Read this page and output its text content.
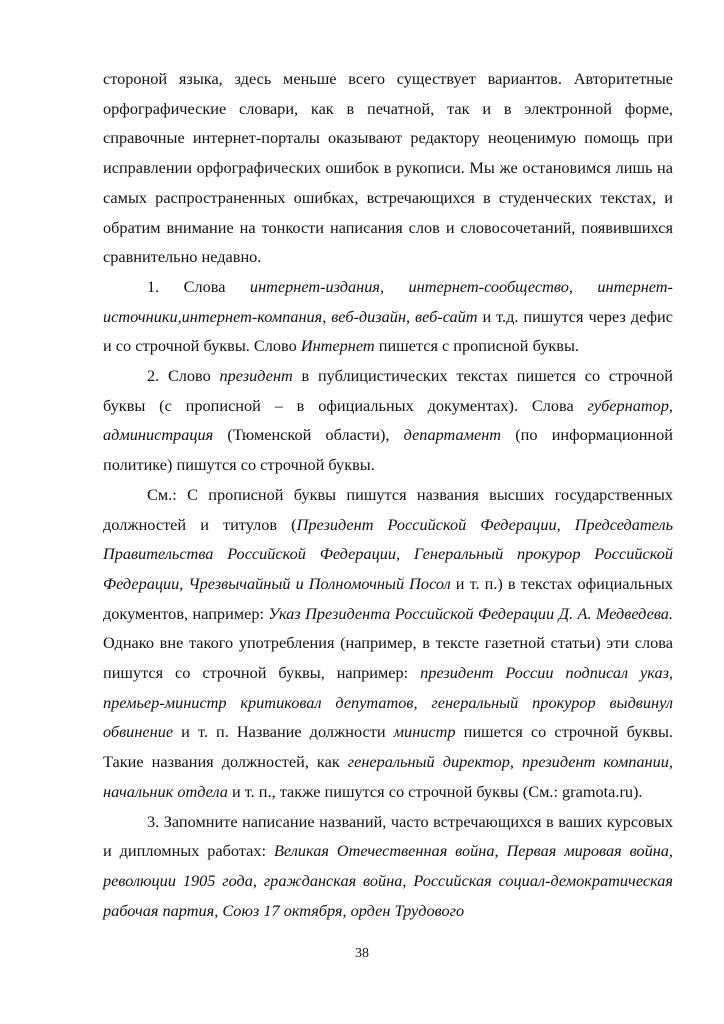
стороной языка, здесь меньше всего существует вариантов. Авторитетные орфографические словари, как в печатной, так и в электронной форме, справочные интернет-порталы оказывают редактору неоценимую помощь при исправлении орфографических ошибок в рукописи. Мы же остановимся лишь на самых распространенных ошибках, встречающихся в студенческих текстах, и обратим внимание на тонкости написания слов и словосочетаний, появившихся сравнительно недавно.

1. Слова интернет-издания, интернет-сообщество, интернет-источники,интернет-компания, веб-дизайн, веб-сайт и т.д. пишутся через дефис и со строчной буквы. Слово Интернет пишется с прописной буквы.

2. Слово президент в публицистических текстах пишется со строчной буквы (с прописной – в официальных документах). Слова губернатор, администрация (Тюменской области), департамент (по информационной политике) пишутся со строчной буквы.

См.: С прописной буквы пишутся названия высших государственных должностей и титулов (Президент Российской Федерации, Председатель Правительства Российской Федерации, Генеральный прокурор Российской Федерации, Чрезвычайный и Полномочный Посол и т. п.) в текстах официальных документов, например: Указ Президента Российской Федерации Д. А. Медведева. Однако вне такого употребления (например, в тексте газетной статьи) эти слова пишутся со строчной буквы, например: президент России подписал указ, премьер-министр критиковал депутатов, генеральный прокурор выдвинул обвинение и т. п. Название должности министр пишется со строчной буквы. Такие названия должностей, как генеральный директор, президент компании, начальник отдела и т. п., также пишутся со строчной буквы (См.: gramota.ru).

3. Запомните написание названий, часто встречающихся в ваших курсовых и дипломных работах: Великая Отечественная война, Первая мировая война, революции 1905 года, гражданская война, Российская социал-демократическая рабочая партия, Союз 17 октября, орден Трудового

38
